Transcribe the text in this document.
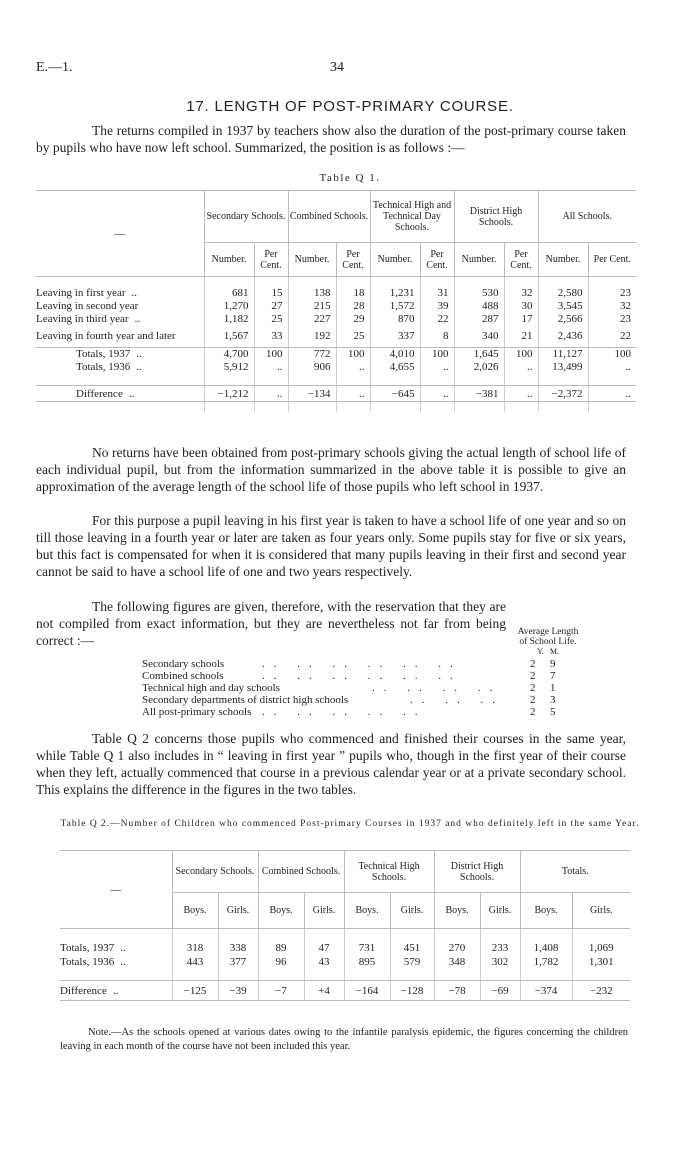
E.—1.	34
17. LENGTH OF POST-PRIMARY COURSE.
The returns compiled in 1937 by teachers show also the duration of the post-primary course taken by pupils who have now left school. Summarized, the position is as follows :—
Table Q 1.
—	Secondary Schools.		Combined Schools.		Technical High and Technical Day Schools.		District High Schools.		All Schools.	
	Number.	Per Cent.	Number.	Per Cent.	Number.	Per Cent.	Number.	Per Cent.	Number.	Per Cent.

Leaving in first year ..	681	15	138	18	1,231	31	530	32	2,580	23
Leaving in second year	1,270	27	215	28	1,572	39	488	30	3,545	32
Leaving in third year ..	1,182	25	227	29	870	22	287	17	2,566	23
Leaving in fourth year and later	1,567	33	192	25	337	8	340	21	2,436	22
Totals, 1937 ..	4,700	100	772	100	4,010	100	1,645	100	11,127	100
Totals, 1936 ..	5,912	..	906	..	4,655	..	2,026	..	13,499	..

Difference ..	−1,212	..	−134	..	−645	..	−381	..	−2,372	..

No returns have been obtained from post-primary schools giving the actual length of school life of each individual pupil, but from the information summarized in the above table it is possible to give an approximation of the average length of the school life of those pupils who left school in 1937.
For this purpose a pupil leaving in his first year is taken to have a school life of one year and so on till those leaving in a fourth year or later are taken as four years only. Some pupils stay for five or six years, but this fact is compensated for when it is considered that many pupils leaving in their first and second year cannot be said to have a school life of one and two years respectively.
The following figures are given, therefore, with the reservation that they are not compiled from exact information, but they are nevertheless not far from being correct :—
Average Length
of School Life.
Y. M.
Secondary schools	.. .. .. .. .. ..	2 9
Combined schools	.. .. .. .. .. ..	2 7
Technical high and day schools	.. .. .. ..	2 1
Secondary departments of district high schools	.. .. .. 2 3
All post-primary schools .. .. .. .. ..	2 5
Table Q 2 concerns those pupils who commenced and finished their courses in the same year, while Table Q 1 also includes in “ leaving in first year ” pupils who, though in the first year of their course when they left, actually commenced that course in a previous calendar year or at a private secondary school. This explains the difference in the figures in the two tables.
Table Q 2.—Number of Children who commenced Post-primary Courses in 1937 and who definitely left in the same Year.
—	Secondary Schools.		Combined Schools.		Technical High Schools.		District High Schools.		Totals.	
	Boys.	Girls.	Boys.	Girls.	Boys.	Girls.	Boys.	Girls.	Boys.	Girls.

Totals, 1937 ..	318	338	89	47	731	451	270	233	1,408	1,069
Totals, 1936 ..	443	377	96	43	895	579	348	302	1,782	1,301

Difference ..	−125	−39	−7	+4	−164	−128	−78	−69	−374	−232
Note.—As the schools opened at various dates owing to the infantile paralysis epidemic, the figures concerning the children leaving in each month of the course have not been included this year.
